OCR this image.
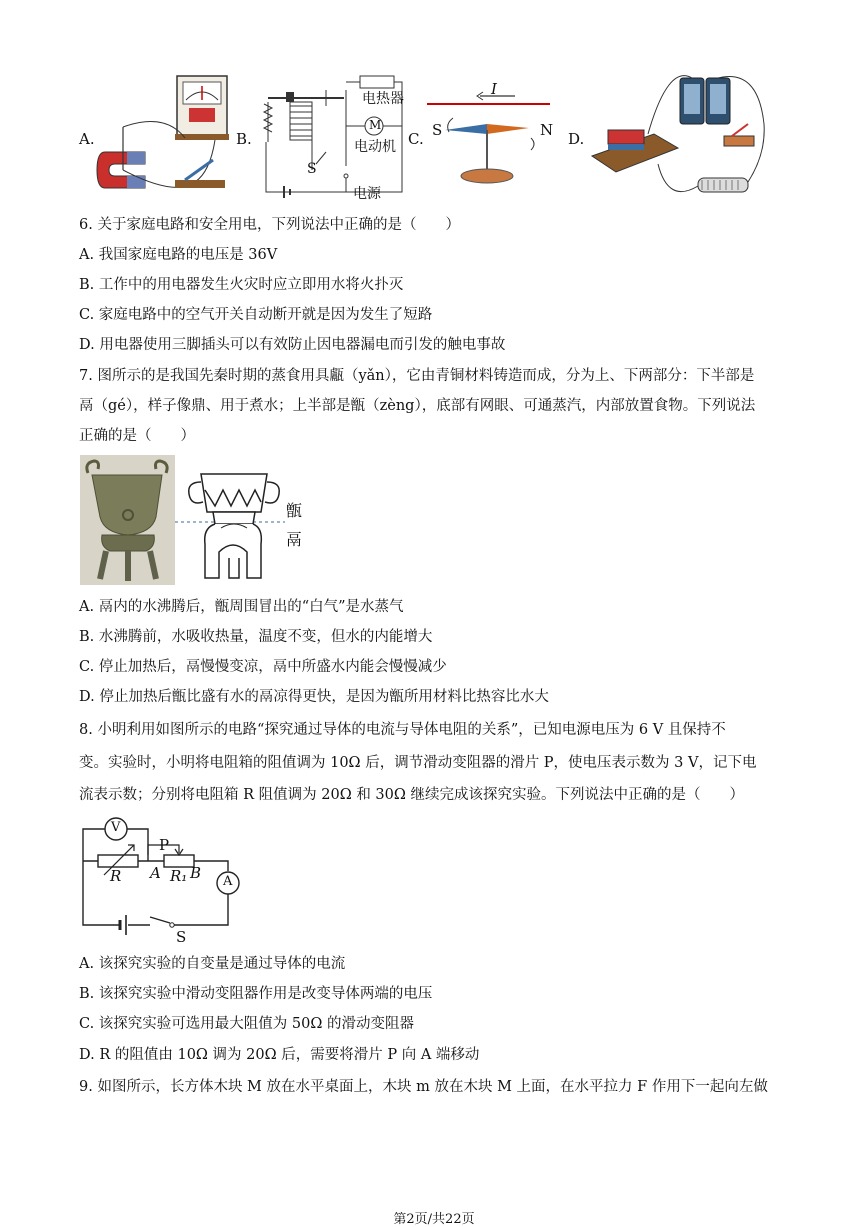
A.	B.
电热器
M
电动机
S
电源
C.
I
S	N D.
6. 关于家庭电路和安全用电，下列说法中正确的是（　　）
A. 我国家庭电路的电压是 36V
B. 工作中的用电器发生火灾时应立即用水将火扑灭
C. 家庭电路中的空气开关自动断开就是因为发生了短路
D. 用电器使用三脚插头可以有效防止因电器漏电而引发的触电事故
7. 图所示的是我国先秦时期的蒸食用具甗（yǎn），它由青铜材料铸造而成，分为上、下两部分：下半部是
鬲（gé），样子像鼎、用于煮水；上半部是甑（zèng），底部有网眼、可通蒸汽，内部放置食物。下列说法
正确的是（　　）
甑
鬲
A. 鬲内的水沸腾后，甑周围冒出的“白气”是水蒸气
B. 水沸腾前，水吸收热量，温度不变，但水的内能增大
C. 停止加热后，鬲慢慢变凉，鬲中所盛水内能会慢慢减少
D. 停止加热后甑比盛有水的鬲凉得更快，是因为甑所用材料比热容比水大
8. 小明利用如图所示的电路“探究通过导体的电流与导体电阻的关系”，已知电源电压为 6 V 且保持不
变。实验时，小明将电阻箱的阻值调为 10Ω 后，调节滑动变阻器的滑片 P，使电压表示数为 3 V，记下电
流表示数；分别将电阻箱 R 阻值调为 20Ω 和 30Ω 继续完成该探究实验。下列说法中正确的是（　　）
V
A
P
R A R₁ B
S
A. 该探究实验的自变量是通过导体的电流
B. 该探究实验中滑动变阻器作用是改变导体两端的电压
C. 该探究实验可选用最大阻值为 50Ω 的滑动变阻器
D. R 的阻值由 10Ω 调为 20Ω 后，需要将滑片 P 向 A 端移动
9. 如图所示，长方体木块 M 放在水平桌面上，木块 m 放在木块 M 上面，在水平拉力 F 作用下一起向左做
第2页/共22页
